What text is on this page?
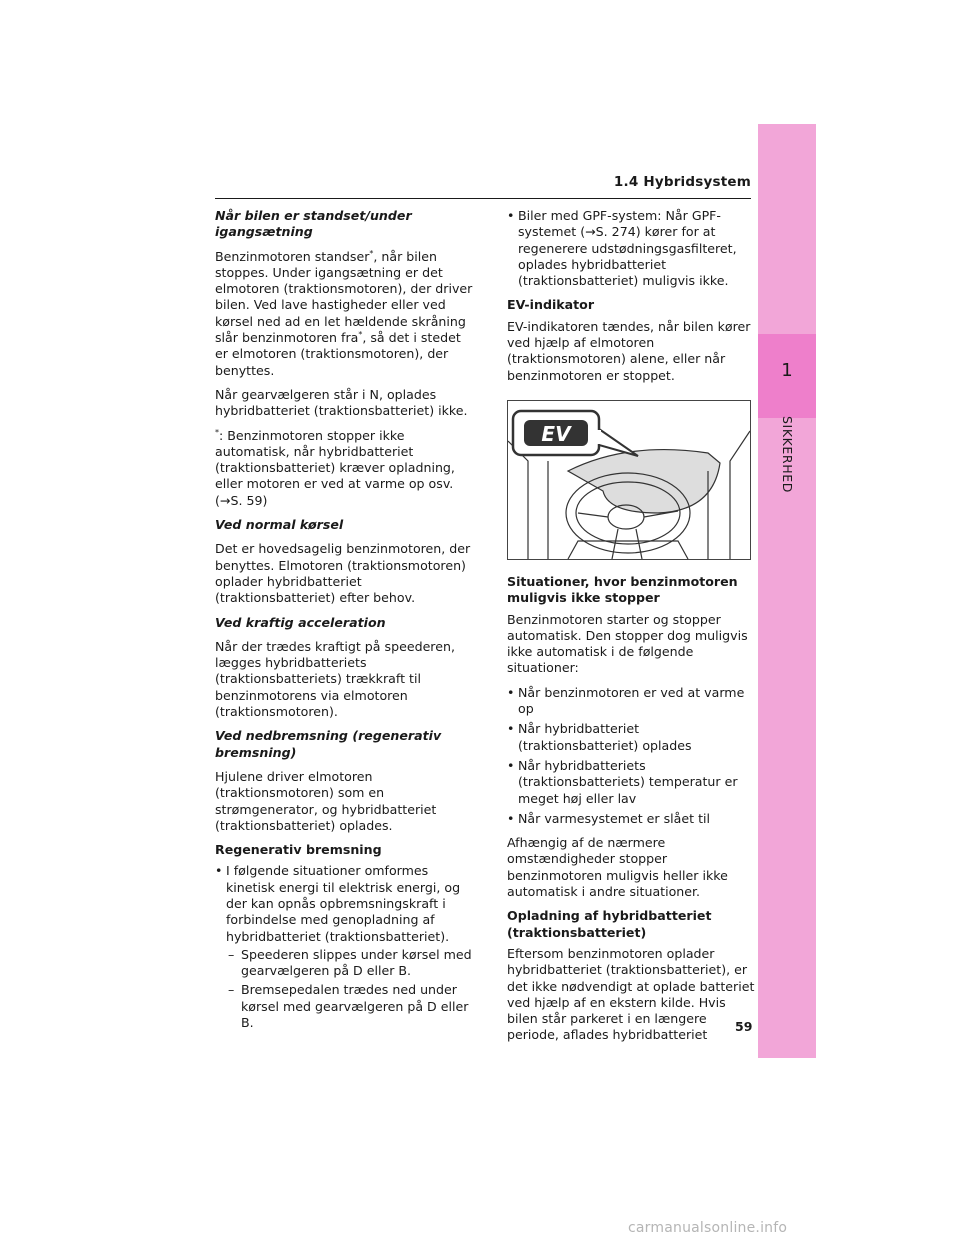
1.4 Hybridsystem
1
SIKKERHED
Når bilen er standset/under igangsætning

Benzinmotoren standser*, når bilen stoppes. Under igangsætning er det elmotoren (traktionsmotoren), der driver bilen. Ved lave hastigheder eller ved kørsel ned ad en let hældende skråning slår benzinmotoren fra*, så det i stedet er elmotoren (traktionsmotoren), der benyttes.

Når gearvælgeren står i N, oplades hybridbatteriet (traktionsbatteriet) ikke.

*: Benzinmotoren stopper ikke automatisk, når hybridbatteriet (traktionsbatteriet) kræver opladning, eller motoren er ved at varme op osv. (→S. 59)

Ved normal kørsel

Det er hovedsagelig benzinmotoren, der benyttes. Elmotoren (traktionsmotoren) oplader hybridbatteriet (traktionsbatteriet) efter behov.

Ved kraftig acceleration

Når der trædes kraftigt på speederen, lægges hybridbatteriets (traktionsbatteriets) trækkraft til benzinmotorens via elmotoren (traktionsmotoren).

Ved nedbremsning (regenerativ bremsning)

Hjulene driver elmotoren (traktionsmotoren) som en strømgenerator, og hybridbatteriet (traktionsbatteriet) oplades.

Regenerativ bremsning
• I følgende situationer omformes kinetisk energi til elektrisk energi, og der kan opnås opbremsningskraft i forbindelse med genopladning af hybridbatteriet (traktionsbatteriet).
– Speederen slippes under kørsel med gearvælgeren på D eller B.
– Bremsepedalen trædes ned under kørsel med gearvælgeren på D eller B.
• Biler med GPF-system: Når GPF-systemet (→S. 274) kører for at regenerere udstødningsgasfilteret, oplades hybridbatteriet (traktionsbatteriet) muligvis ikke.
EV-indikator

EV-indikatoren tændes, når bilen kører ved hjælp af elmotoren (traktionsmotoren) alene, eller når benzinmotoren er stoppet.

EV
Situationer, hvor benzinmotoren muligvis ikke stopper

Benzinmotoren starter og stopper automatisk. Den stopper dog muligvis ikke automatisk i de følgende situationer:

• Når benzinmotoren er ved at varme op
• Når hybridbatteriet (traktionsbatteriet) oplades
• Når hybridbatteriets (traktionsbatteriets) temperatur er meget høj eller lav
• Når varmesystemet er slået til

Afhængig af de nærmere omstændigheder stopper benzinmotoren muligvis heller ikke automatisk i andre situationer.

Opladning af hybridbatteriet (traktionsbatteriet)

Eftersom benzinmotoren oplader hybridbatteriet (traktionsbatteriet), er det ikke nødvendigt at oplade batteriet ved hjælp af en ekstern kilde. Hvis bilen står parkeret i en længere periode, aflades hybridbatteriet

59
carmanualsonline.info
